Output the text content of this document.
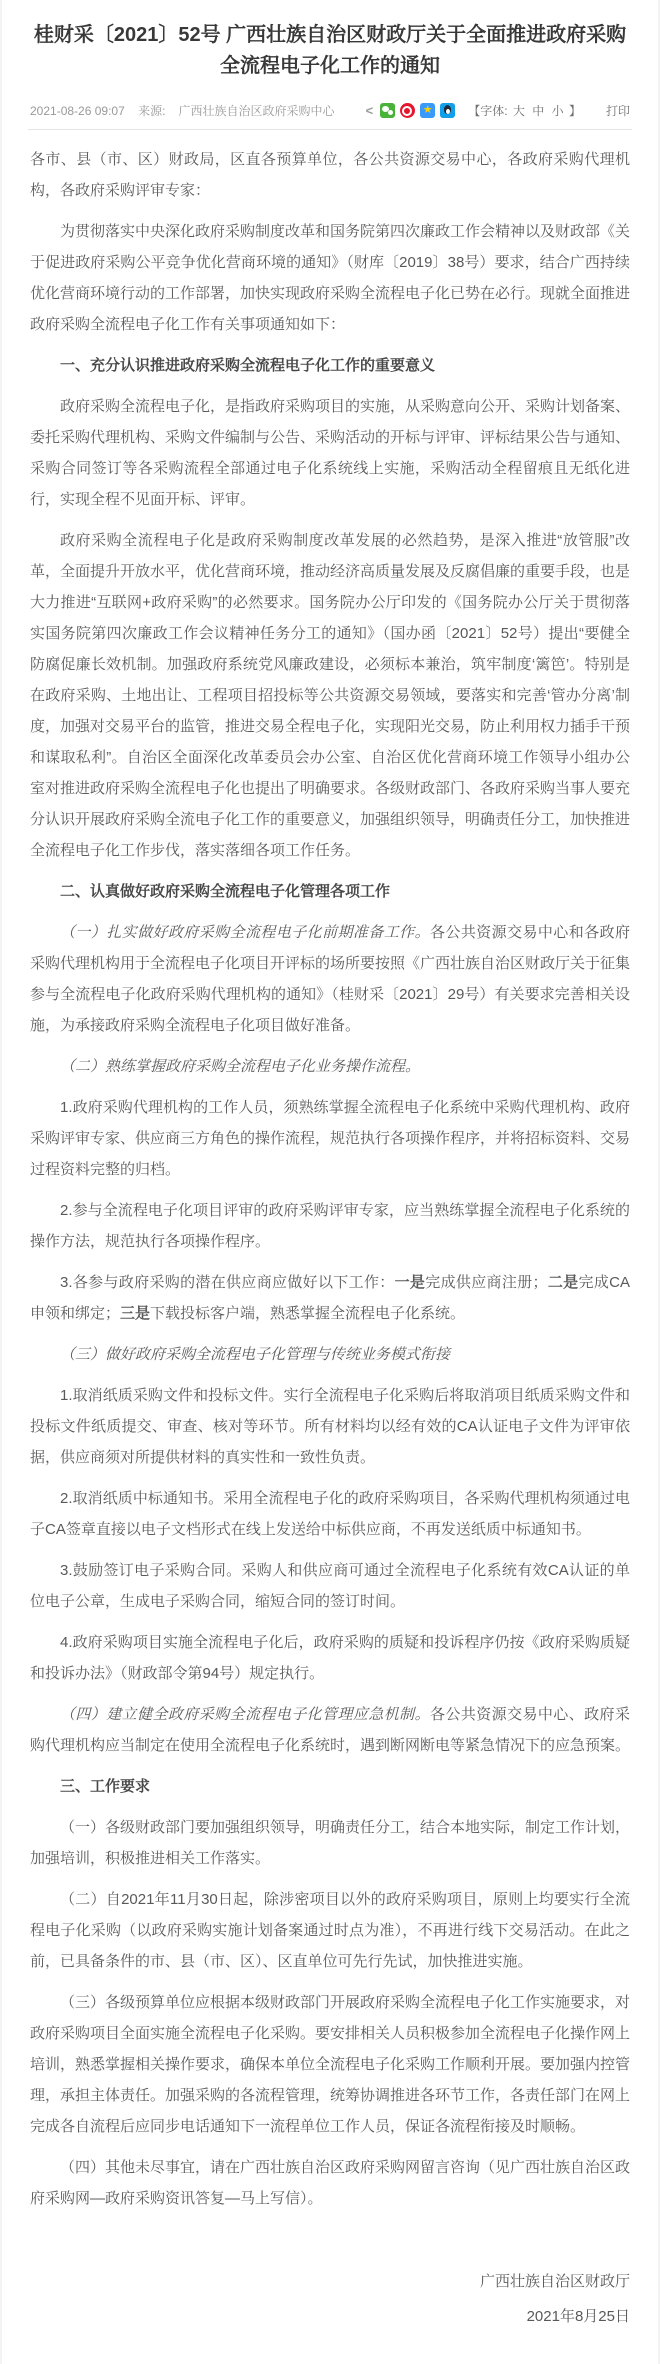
桂财采〔2021〕52号 广西壮族自治区财政厅关于全面推进政府采购全流程电子化工作的通知
2021-08-26 09:07 来源: 广西壮族自治区政府采购中心	<	★	【字体: 大 中 小 】 打印

各市、县（市、区）财政局，区直各预算单位，各公共资源交易中心，各政府采购代理机构，各政府采购评审专家：

为贯彻落实中央深化政府采购制度改革和国务院第四次廉政工作会精神以及财政部《关于促进政府采购公平竞争优化营商环境的通知》（财库〔2019〕38号）要求，结合广西持续优化营商环境行动的工作部署，加快实现政府采购全流程电子化已势在必行。现就全面推进政府采购全流程电子化工作有关事项通知如下：

一、充分认识推进政府采购全流程电子化工作的重要意义

政府采购全流程电子化，是指政府采购项目的实施，从采购意向公开、采购计划备案、委托采购代理机构、采购文件编制与公告、采购活动的开标与评审、评标结果公告与通知、采购合同签订等各采购流程全部通过电子化系统线上实施，采购活动全程留痕且无纸化进行，实现全程不见面开标、评审。

政府采购全流程电子化是政府采购制度改革发展的必然趋势，是深入推进“放管服”改革，全面提升开放水平，优化营商环境，推动经济高质量发展及反腐倡廉的重要手段，也是大力推进“互联网+政府采购”的必然要求。国务院办公厅印发的《国务院办公厅关于贯彻落实国务院第四次廉政工作会议精神任务分工的通知》（国办函〔2021〕52号）提出“要健全防腐促廉长效机制。加强政府系统党风廉政建设，必须标本兼治，筑牢制度‘篱笆’。特别是在政府采购、土地出让、工程项目招投标等公共资源交易领域，要落实和完善‘管办分离’制度，加强对交易平台的监管，推进交易全程电子化，实现阳光交易，防止利用权力插手干预和谋取私利”。自治区全面深化改革委员会办公室、自治区优化营商环境工作领导小组办公室对推进政府采购全流程电子化也提出了明确要求。各级财政部门、各政府采购当事人要充分认识开展政府采购全流电子化工作的重要意义，加强组织领导，明确责任分工，加快推进全流程电子化工作步伐，落实落细各项工作任务。

二、认真做好政府采购全流程电子化管理各项工作

（一）扎实做好政府采购全流程电子化前期准备工作。各公共资源交易中心和各政府采购代理机构用于全流程电子化项目开评标的场所要按照《广西壮族自治区财政厅关于征集参与全流程电子化政府采购代理机构的通知》（桂财采〔2021〕29号）有关要求完善相关设施，为承接政府采购全流程电子化项目做好准备。

（二）熟练掌握政府采购全流程电子化业务操作流程。

1.政府采购代理机构的工作人员，须熟练掌握全流程电子化系统中采购代理机构、政府采购评审专家、供应商三方角色的操作流程，规范执行各项操作程序，并将招标资料、交易过程资料完整的归档。

2.参与全流程电子化项目评审的政府采购评审专家，应当熟练掌握全流程电子化系统的操作方法，规范执行各项操作程序。

3.各参与政府采购的潜在供应商应做好以下工作：一是完成供应商注册；二是完成CA申领和绑定；三是下载投标客户端，熟悉掌握全流程电子化系统。

（三）做好政府采购全流程电子化管理与传统业务模式衔接

1.取消纸质采购文件和投标文件。实行全流程电子化采购后将取消项目纸质采购文件和投标文件纸质提交、审查、核对等环节。所有材料均以经有效的CA认证电子文件为评审依据，供应商须对所提供材料的真实性和一致性负责。

2.取消纸质中标通知书。采用全流程电子化的政府采购项目，各采购代理机构须通过电子CA签章直接以电子文档形式在线上发送给中标供应商，不再发送纸质中标通知书。

3.鼓励签订电子采购合同。采购人和供应商可通过全流程电子化系统有效CA认证的单位电子公章，生成电子采购合同，缩短合同的签订时间。

4.政府采购项目实施全流程电子化后，政府采购的质疑和投诉程序仍按《政府采购质疑和投诉办法》（财政部令第94号）规定执行。

（四）建立健全政府采购全流程电子化管理应急机制。各公共资源交易中心、政府采购代理机构应当制定在使用全流程电子化系统时，遇到断网断电等紧急情况下的应急预案。

三、工作要求

（一）各级财政部门要加强组织领导，明确责任分工，结合本地实际，制定工作计划，加强培训，积极推进相关工作落实。

（二）自2021年11月30日起，除涉密项目以外的政府采购项目，原则上均要实行全流程电子化采购（以政府采购实施计划备案通过时点为准），不再进行线下交易活动。在此之前，已具备条件的市、县（市、区）、区直单位可先行先试，加快推进实施。

（三）各级预算单位应根据本级财政部门开展政府采购全流程电子化工作实施要求，对政府采购项目全面实施全流程电子化采购。要安排相关人员积极参加全流程电子化操作网上培训，熟悉掌握相关操作要求，确保本单位全流程电子化采购工作顺利开展。要加强内控管理，承担主体责任。加强采购的各流程管理，统筹协调推进各环节工作，各责任部门在网上完成各自流程后应同步电话通知下一流程单位工作人员，保证各流程衔接及时顺畅。

（四）其他未尽事宜，请在广西壮族自治区政府采购网留言咨询（见广西壮族自治区政府采购网—政府采购资讯答复—马上写信）。

广西壮族自治区财政厅
2021年8月25日
